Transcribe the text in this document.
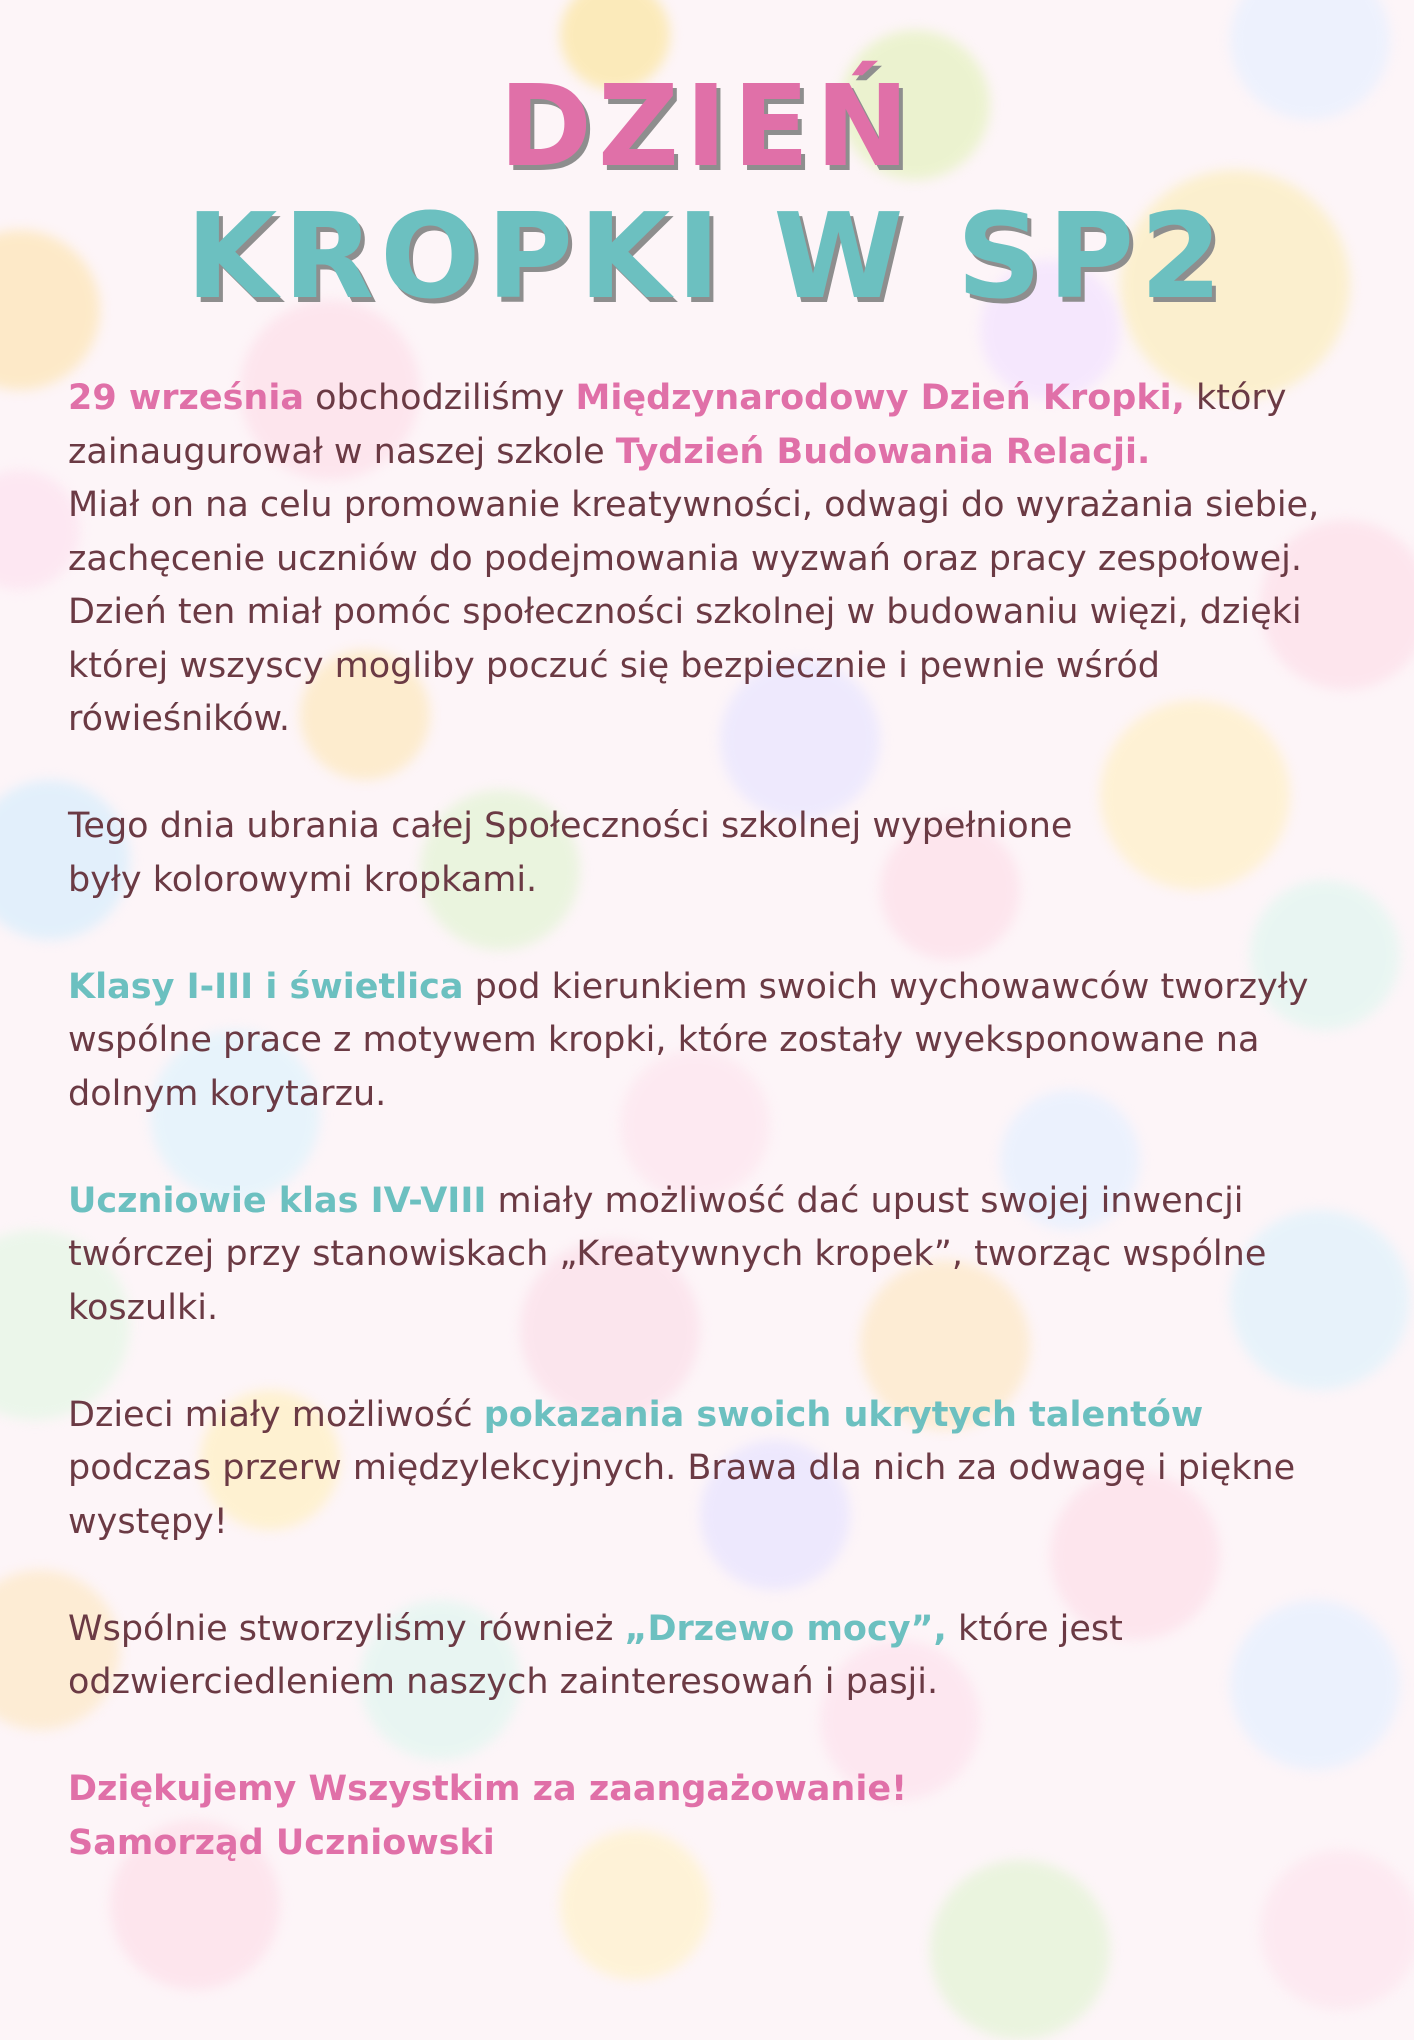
DZIEŃ
KROPKI W SP2

29 września obchodziliśmy Międzynarodowy Dzień Kropki, który zainaugurował w naszej szkole Tydzień Budowania Relacji.
Miał on na celu promowanie kreatywności, odwagi do wyrażania siebie, zachęcenie uczniów do podejmowania wyzwań oraz pracy zespołowej. Dzień ten miał pomóc społeczności szkolnej w budowaniu więzi, dzięki której wszyscy mogliby poczuć się bezpiecznie i pewnie wśród rówieśników.

Tego dnia ubrania całej Społeczności szkolnej wypełnione
były kolorowymi kropkami.

Klasy I-III i świetlica pod kierunkiem swoich wychowawców tworzyły wspólne prace z motywem kropki, które zostały wyeksponowane na dolnym korytarzu.

Uczniowie klas IV-VIII miały możliwość dać upust swojej inwencji twórczej przy stanowiskach „Kreatywnych kropek”, tworząc wspólne koszulki.

Dzieci miały możliwość pokazania swoich ukrytych talentów podczas przerw międzylekcyjnych. Brawa dla nich za odwagę i piękne występy!

Wspólnie stworzyliśmy również „Drzewo mocy”, które jest odzwierciedleniem naszych zainteresowań i pasji.

Dziękujemy Wszystkim za zaangażowanie!
Samorząd Uczniowski
